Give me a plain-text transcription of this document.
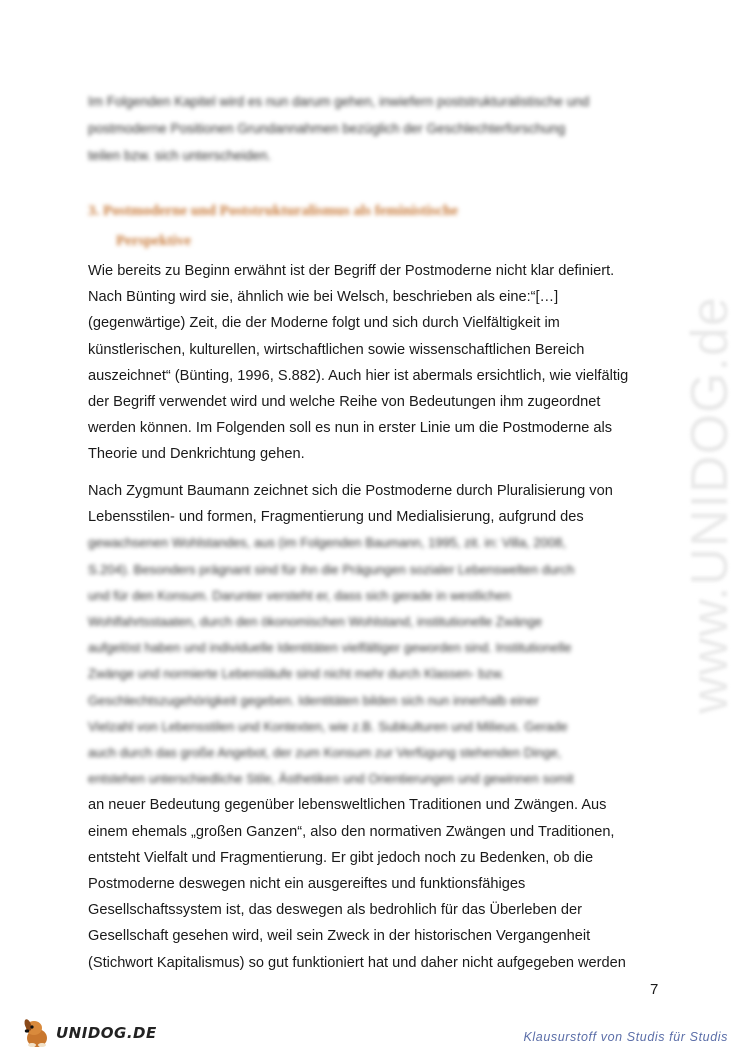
Im Folgenden Kapitel wird es nun darum gehen, inwiefern poststrukturalistische und
postmoderne Positionen Grundannahmen bezüglich der Geschlechterforschung
teilen bzw. sich unterscheiden.
3. Postmoderne und Poststrukturalismus als feministische
Perspektive
Wie bereits zu Beginn erwähnt ist der Begriff der Postmoderne nicht klar definiert.
Nach Bünting wird sie, ähnlich wie bei Welsch, beschrieben als eine:“[…]
(gegenwärtige) Zeit, die der Moderne folgt und sich durch Vielfältigkeit im
künstlerischen, kulturellen, wirtschaftlichen sowie wissenschaftlichen Bereich
auszeichnet“ (Bünting, 1996, S.882). Auch hier ist abermals ersichtlich, wie vielfältig
der Begriff verwendet wird und welche Reihe von Bedeutungen ihm zugeordnet
werden können. Im Folgenden soll es nun in erster Linie um die Postmoderne als
Theorie und Denkrichtung gehen.
Nach Zygmunt Baumann zeichnet sich die Postmoderne durch Pluralisierung von
Lebensstilen- und formen, Fragmentierung und Medialisierung, aufgrund des
gewachsenen Wohlstandes, aus (im Folgenden Baumann, 1995, zit. in: Villa, 2008,
S.204). Besonders prägnant sind für ihn die Prägungen sozialer Lebenswelten durch
und für den Konsum. Darunter versteht er, dass sich gerade in westlichen
Wohlfahrtsstaaten, durch den ökonomischen Wohlstand, institutionelle Zwänge
aufgelöst haben und individuelle Identitäten vielfältiger geworden sind. Institutionelle
Zwänge und normierte Lebensläufe sind nicht mehr durch Klassen- bzw.
Geschlechtszugehörigkeit gegeben. Identitäten bilden sich nun innerhalb einer
Vielzahl von Lebensstilen und Kontexten, wie z.B. Subkulturen und Milieus. Gerade
auch durch das große Angebot, der zum Konsum zur Verfügung stehenden Dinge,
entstehen unterschiedliche Stile, Ästhetiken und Orientierungen und gewinnen somit
an neuer Bedeutung gegenüber lebensweltlichen Traditionen und Zwängen. Aus
einem ehemals „großen Ganzen“, also den normativen Zwängen und Traditionen,
entsteht Vielfalt und Fragmentierung. Er gibt jedoch noch zu Bedenken, ob die
Postmoderne deswegen nicht ein ausgereiftes und funktionsfähiges
Gesellschaftssystem ist, das deswegen als bedrohlich für das Überleben der
Gesellschaft gesehen wird, weil sein Zweck in der historischen Vergangenheit
(Stichwort Kapitalismus) so gut funktioniert hat und daher nicht aufgegeben werden
www.UNIDOG.de
7
UNIDOG.DE	Klausurstoff von Studis für Studis
